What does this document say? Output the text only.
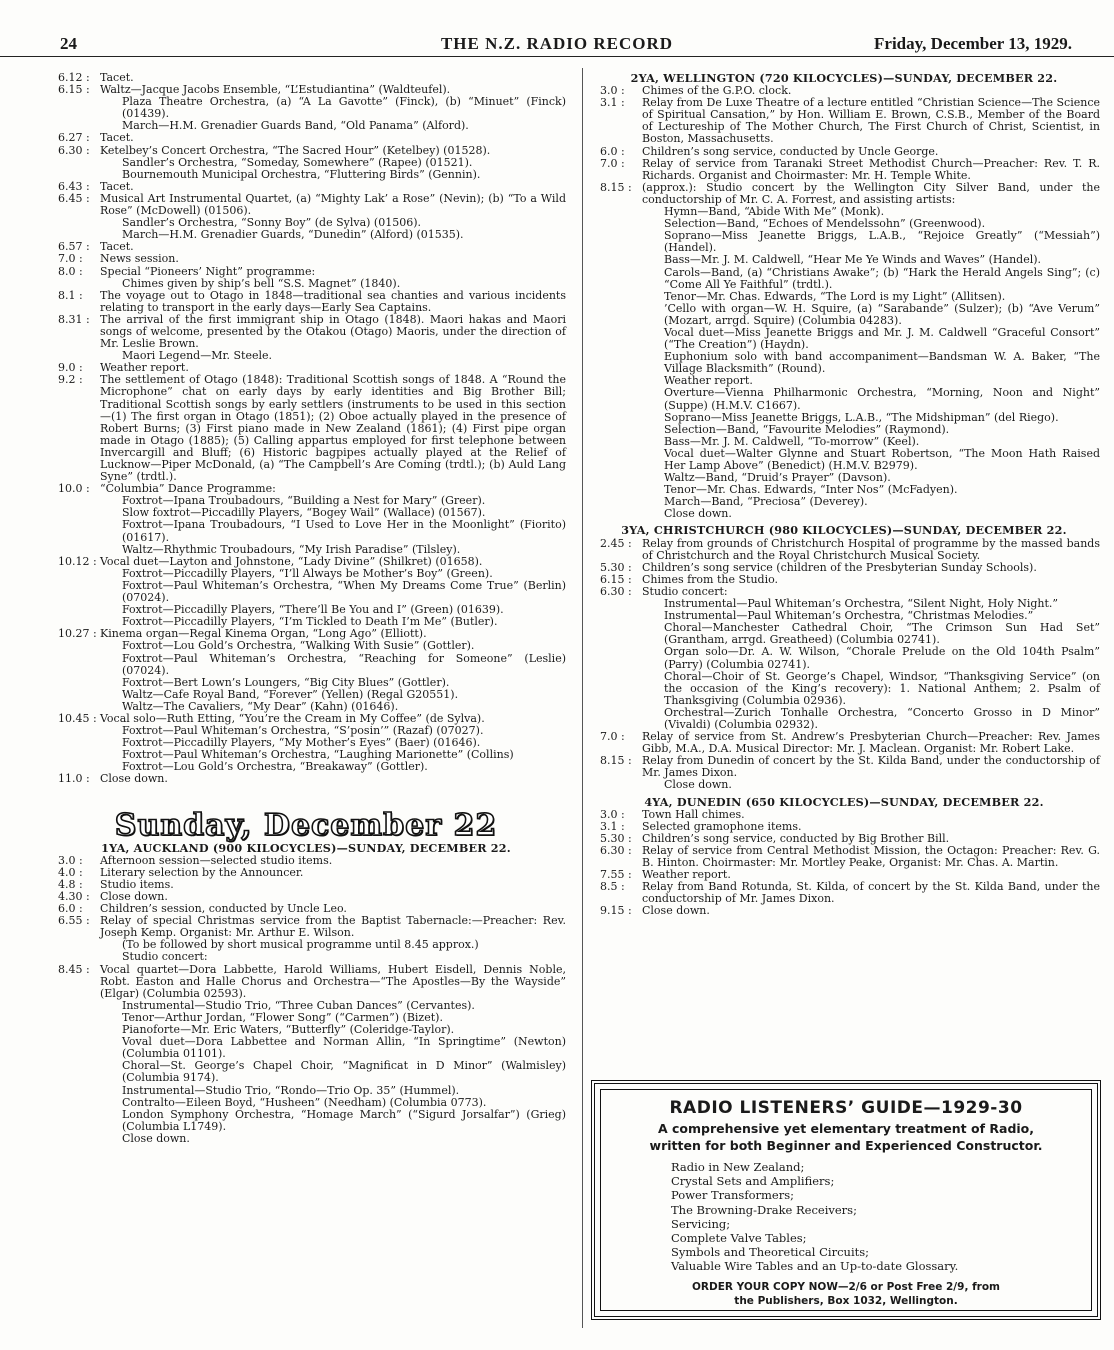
24	THE N.Z. RADIO RECORD	Friday, December 13, 1929.
6.12 : Tacet.
6.15 : Waltz—Jacque Jacobs Ensemble, “L’Estudiantina” (Waldteufel).
Plaza Theatre Orchestra, (a) “A La Gavotte” (Finck), (b) “Minuet” (Finck) (01439).
March—H.M. Grenadier Guards Band, “Old Panama” (Alford).
6.27 : Tacet.
6.30 : Ketelbey’s Concert Orchestra, “The Sacred Hour” (Ketelbey) (01528).
Sandler’s Orchestra, “Someday, Somewhere” (Rapee) (01521).
Bournemouth Municipal Orchestra, “Fluttering Birds” (Gennin).
6.43 : Tacet.
6.45 : Musical Art Instrumental Quartet, (a) “Mighty Lak’ a Rose” (Nevin); (b) “To a Wild Rose” (McDowell) (01506).
Sandler’s Orchestra, “Sonny Boy” (de Sylva) (01506).
March—H.M. Grenadier Guards, “Dunedin” (Alford) (01535).
6.57 : Tacet.
7.0 :	News session.
8.0 :	Special “Pioneers’ Night” programme:
Chimes given by ship’s bell “S.S. Magnet” (1840).
8.1 :	The voyage out to Otago in 1848—traditional sea chanties and various incidents relating to transport in the early days—Early Sea Captains.
8.31 : The arrival of the first immigrant ship in Otago (1848). Maori hakas and Maori songs of welcome, presented by the Otakou (Otago) Maoris, under the direction of Mr. Leslie Brown.
Maori Legend—Mr. Steele.
9.0 :	Weather report.
9.2 :	The settlement of Otago (1848): Traditional Scottish songs of 1848. A “Round the Microphone” chat on early days by early identities and Big Brother Bill; Traditional Scottish songs by early settlers (instruments to be used in this section—(1) The first organ in Otago (1851); (2) Oboe actually played in the presence of Robert Burns; (3) First piano made in New Zealand (1861); (4) First pipe organ made in Otago (1885); (5) Calling appartus employed for first telephone between Invercargill and Bluff; (6) Historic bagpipes actually played at the Relief of Lucknow—Piper McDonald, (a) “The Campbell’s Are Coming (trdtl.); (b) Auld Lang Syne” (trdtl.).
10.0 : “Columbia” Dance Programme:
Foxtrot—Ipana Troubadours, “Building a Nest for Mary” (Greer).
Slow foxtrot—Piccadilly Players, “Bogey Wail” (Wallace) (01567).
Foxtrot—Ipana Troubadours, “I Used to Love Her in the Moonlight” (Fiorito) (01617).
Waltz—Rhythmic Troubadours, “My Irish Paradise” (Tilsley).
10.12 : Vocal duet—Layton and Johnstone, “Lady Divine” (Shilkret) (01658).
Foxtrot—Piccadilly Players, “I’ll Always be Mother’s Boy” (Green).
Foxtrot—Paul Whiteman’s Orchestra, “When My Dreams Come True” (Berlin) (07024).
Foxtrot—Piccadilly Players, “There’ll Be You and I” (Green) (01639).
Foxtrot—Piccadilly Players, “I’m Tickled to Death I’m Me” (Butler).
10.27 : Kinema organ—Regal Kinema Organ, “Long Ago” (Elliott).
Foxtrot—Lou Gold’s Orchestra, “Walking With Susie” (Gottler).
Foxtrot—Paul Whiteman’s Orchestra, “Reaching for Someone” (Leslie) (07024).
Foxtrot—Bert Lown’s Loungers, “Big City Blues” (Gottler).
Waltz—Cafe Royal Band, “Forever” (Yellen) (Regal G20551).
Waltz—The Cavaliers, “My Dear” (Kahn) (01646).
10.45 : Vocal solo—Ruth Etting, “You’re the Cream in My Coffee” (de Sylva).
Foxtrot—Paul Whiteman’s Orchestra, “S’posin’” (Razaf) (07027).
Foxtrot—Piccadilly Players, “My Mother’s Eyes” (Baer) (01646).
Foxtrot—Paul Whiteman’s Orchestra, “Laughing Marionette” (Collins)
Foxtrot—Lou Gold’s Orchestra, “Breakaway” (Gottler).
11.0 : Close down.
Sunday, December 22
1YA, AUCKLAND (900 KILOCYCLES)—SUNDAY, DECEMBER 22.
3.0 :	Afternoon session—selected studio items.
4.0 :	Literary selection by the Announcer.
4.8 :	Studio items.
4.30 : Close down.
6.0 :	Children’s session, conducted by Uncle Leo.
6.55 : Relay of special Christmas service from the Baptist Tabernacle:—Preacher: Rev. Joseph Kemp. Organist: Mr. Arthur E. Wilson.
(To be followed by short musical programme until 8.45 approx.)
Studio concert:
8.45 : Vocal quartet—Dora Labbette, Harold Williams, Hubert Eisdell, Dennis Noble, Robt. Easton and Halle Chorus and Orchestra—“The Apostles—By the Wayside” (Elgar) (Columbia 02593).
Instrumental—Studio Trio, “Three Cuban Dances” (Cervantes).
Tenor—Arthur Jordan, “Flower Song” (“Carmen”) (Bizet).
Pianoforte—Mr. Eric Waters, “Butterfly” (Coleridge-Taylor).
Voval duet—Dora Labbettee and Norman Allin, “In Springtime” (Newton) (Columbia 01101).
Choral—St. George’s Chapel Choir, “Magnificat in D Minor” (Walmisley) (Columbia 9174).
Instrumental—Studio Trio, “Rondo—Trio Op. 35” (Hummel).
Contralto—Eileen Boyd, “Husheen” (Needham) (Columbia 0773).
London Symphony Orchestra, “Homage March” (“Sigurd Jorsalfar”) (Grieg) (Columbia L1749).
Close down.
2YA, WELLINGTON (720 KILOCYCLES)—SUNDAY, DECEMBER 22.
3.0 :	Chimes of the G.P.O. clock.
3.1 :	Relay from De Luxe Theatre of a lecture entitled “Christian Science—The Science of Spiritual Cansation,” by Hon. William E. Brown, C.S.B., Member of the Board of Lectureship of The Mother Church, The First Church of Christ, Scientist, in Boston, Massachusetts.
6.0 :	Children’s song service, conducted by Uncle George.
7.0 :	Relay of service from Taranaki Street Methodist Church—Preacher: Rev. T. R. Richards. Organist and Choirmaster: Mr. H. Temple White.
8.15 : (approx.): Studio concert by the Wellington City Silver Band, under the conductorship of Mr. C. A. Forrest, and assisting artists:
Hymn—Band, “Abide With Me” (Monk).
Selection—Band, “Echoes of Mendelssohn” (Greenwood).
Soprano—Miss Jeanette Briggs, L.A.B., “Rejoice Greatly” (“Messiah”) (Handel).
Bass—Mr. J. M. Caldwell, “Hear Me Ye Winds and Waves” (Handel).
Carols—Band, (a) “Christians Awake”; (b) “Hark the Herald Angels Sing”; (c) “Come All Ye Faithful” (trdtl.).
Tenor—Mr. Chas. Edwards, “The Lord is my Light” (Allitsen).
’Cello with organ—W. H. Squire, (a) “Sarabande” (Sulzer); (b) “Ave Verum” (Mozart, arrgd. Squire) (Columbia 04283).
Vocal duet—Miss Jeanette Briggs and Mr. J. M. Caldwell “Graceful Consort” (“The Creation”) (Haydn).
Euphonium solo with band accompaniment—Bandsman W. A. Baker, “The Village Blacksmith” (Round).
Weather report.
Overture—Vienna Philharmonic Orchestra, “Morning, Noon and Night” (Suppe) (H.M.V. C1667).
Soprano—Miss Jeanette Briggs, L.A.B., “The Midshipman” (del Riego).
Selection—Band, “Favourite Melodies” (Raymond).
Bass—Mr. J. M. Caldwell, “To-morrow” (Keel).
Vocal duet—Walter Glynne and Stuart Robertson, “The Moon Hath Raised Her Lamp Above” (Benedict) (H.M.V. B2979).
Waltz—Band, “Druid’s Prayer” (Davson).
Tenor—Mr. Chas. Edwards, “Inter Nos” (McFadyen).
March—Band, “Preciosa” (Deverey).
Close down.
3YA, CHRISTCHURCH (980 KILOCYCLES)—SUNDAY, DECEMBER 22.
2.45 : Relay from grounds of Christchurch Hospital of programme by the massed bands of Christchurch and the Royal Christchurch Musical Society.
5.30 : Children’s song service (children of the Presbyterian Sunday Schools).
6.15 : Chimes from the Studio.
6.30 : Studio concert:
Instrumental—Paul Whiteman’s Orchestra, “Silent Night, Holy Night.”
Instrumental—Paul Whiteman’s Orchestra, “Christmas Melodies.”
Choral—Manchester Cathedral Choir, “The Crimson Sun Had Set” (Grantham, arrgd. Greatheed) (Columbia 02741).
Organ solo—Dr. A. W. Wilson, “Chorale Prelude on the Old 104th Psalm” (Parry) (Columbia 02741).
Choral—Choir of St. George’s Chapel, Windsor, “Thanksgiving Service” (on the occasion of the King’s recovery): 1. National Anthem; 2. Psalm of Thanksgiving (Columbia 02936).
Orchestral—Zurich Tonhalle Orchestra, “Concerto Grosso in D Minor” (Vivaldi) (Columbia 02932).
7.0 :	Relay of service from St. Andrew’s Presbyterian Church—Preacher: Rev. James Gibb, M.A., D.A. Musical Director: Mr. J. Maclean. Organist: Mr. Robert Lake.
8.15 : Relay from Dunedin of concert by the St. Kilda Band, under the conductorship of Mr. James Dixon.
Close down.
4YA, DUNEDIN (650 KILOCYCLES)—SUNDAY, DECEMBER 22.
3.0 :	Town Hall chimes.
3.1 :	Selected gramophone items.
5.30 : Children’s song service, conducted by Big Brother Bill.
6.30 : Relay of service from Central Methodist Mission, the Octagon: Preacher: Rev. G. B. Hinton. Choirmaster: Mr. Mortley Peake, Organist: Mr. Chas. A. Martin.
7.55 : Weather report.
8.5 :	Relay from Band Rotunda, St. Kilda, of concert by the St. Kilda Band, under the conductorship of Mr. James Dixon.
9.15 : Close down.
RADIO LISTENERS’ GUIDE—1929-30
A comprehensive yet elementary treatment of Radio,
written for both Beginner and Experienced Constructor.
Radio in New Zealand;
Crystal Sets and Amplifiers;
Power Transformers;
The Browning-Drake Receivers;
Servicing;
Complete Valve Tables;
Symbols and Theoretical Circuits;
Valuable Wire Tables and an Up-to-date Glossary.
ORDER YOUR COPY NOW—2/6 or Post Free 2/9, from
the Publishers, Box 1032, Wellington.
